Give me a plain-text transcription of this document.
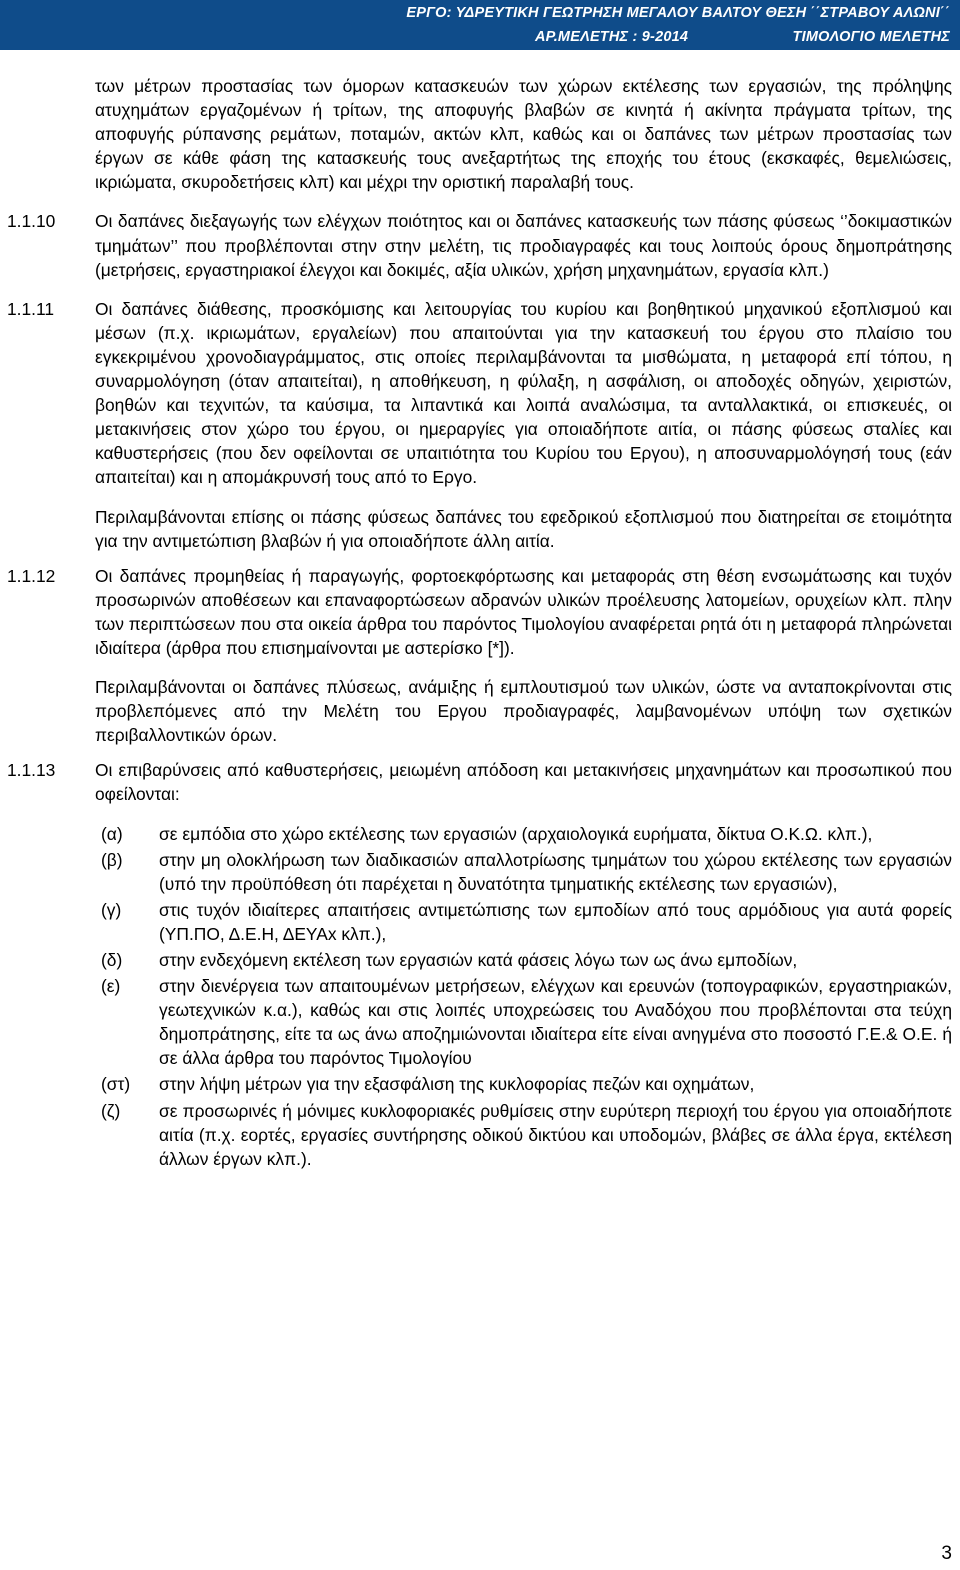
ΕΡΓΟ: ΥΔΡΕΥΤΙΚΗ ΓΕΩΤΡΗΣΗ ΜΕΓΑΛΟΥ ΒΑΛΤΟΥ ΘΕΣΗ ΄΄ΣΤΡΑΒΟΥ ΑΛΩΝΙ΄΄
ΑΡ.ΜΕΛΕΤΗΣ : 9-2014	ΤΙΜΟΛΟΓΙΟ ΜΕΛΕΤΗΣ

των μέτρων προστασίας των όμορων κατασκευών των χώρων εκτέλεσης των εργασιών, της πρόληψης ατυχημάτων εργαζομένων ή τρίτων, της αποφυγής βλαβών σε κινητά ή ακίνητα πράγματα τρίτων, της αποφυγής ρύπανσης ρεμάτων, ποταμών, ακτών κλπ, καθώς και οι δαπάνες των μέτρων προστασίας των έργων σε κάθε φάση της κατασκευής τους ανεξαρτήτως της εποχής του έτους (εκσκαφές, θεμελιώσεις, ικριώματα, σκυροδετήσεις κλπ) και μέχρι την οριστική παραλαβή τους.

1.1.10 Οι δαπάνες διεξαγωγής των ελέγχων ποιότητος και οι δαπάνες κατασκευής των πάσης φύσεως ‘’δοκιμαστικών τμημάτων’’ που προβλέπονται στην στην μελέτη, τις προδιαγραφές και τους λοιπούς όρους δημοπράτησης (μετρήσεις, εργαστηριακοί έλεγχοι και δοκιμές, αξία υλικών, χρήση μηχανημάτων, εργασία κλπ.)
1.1.11 Οι δαπάνες διάθεσης, προσκόμισης και λειτουργίας του κυρίου και βοηθητικού μηχανικού εξοπλισμού και μέσων (π.χ. ικριωμάτων, εργαλείων) που απαιτούνται για την κατασκευή του έργου στο πλαίσιο του εγκεκριμένου χρονοδιαγράμματος, στις οποίες περιλαμβάνονται τα μισθώματα, η μεταφορά επί τόπου, η συναρμολόγηση (όταν απαιτείται), η αποθήκευση, η φύλαξη, η ασφάλιση, οι αποδοχές οδηγών, χειριστών, βοηθών και τεχνιτών, τα καύσιμα, τα λιπαντικά και λοιπά αναλώσιμα, τα ανταλλακτικά, οι επισκευές, οι μετακινήσεις στον χώρο του έργου, οι ημεραργίες για οποιαδήποτε αιτία, οι πάσης φύσεως σταλίες και καθυστερήσεις (που δεν οφείλονται σε υπαιτιότητα του Κυρίου του Εργου), η αποσυναρμολόγησή τους (εάν απαιτείται) και η απομάκρυνσή τους από το Εργο.

Περιλαμβάνονται επίσης οι πάσης φύσεως δαπάνες του εφεδρικού εξοπλισμού που διατηρείται σε ετοιμότητα για την αντιμετώπιση βλαβών ή για οποιαδήποτε άλλη αιτία.

1.1.12 Οι δαπάνες προμηθείας ή παραγωγής, φορτοεκφόρτωσης και μεταφοράς στη θέση ενσωμάτωσης και τυχόν προσωρινών αποθέσεων και επαναφορτώσεων αδρανών υλικών προέλευσης λατομείων, ορυχείων κλπ. πλην των περιπτώσεων που στα οικεία άρθρα του παρόντος Τιμολογίου αναφέρεται ρητά ότι η μεταφορά πληρώνεται ιδιαίτερα (άρθρα που επισημαίνονται με αστερίσκο [*]).

Περιλαμβάνονται οι δαπάνες πλύσεως, ανάμιξης ή εμπλουτισμού των υλικών, ώστε να ανταποκρίνονται στις προβλεπόμενες από την Μελέτη του Εργου προδιαγραφές, λαμβανομένων υπόψη των σχετικών περιβαλλοντικών όρων.

1.1.13 Οι επιβαρύνσεις από καθυστερήσεις, μειωμένη απόδοση και μετακινήσεις μηχανημάτων και προσωπικού που οφείλονται:
(α) σε εμπόδια στο χώρο εκτέλεσης των εργασιών (αρχαιολογικά ευρήματα, δίκτυα Ο.Κ.Ω. κλπ.),
(β) στην μη ολοκλήρωση των διαδικασιών απαλλοτρίωσης τμημάτων του χώρου εκτέλεσης των εργασιών (υπό την προϋπόθεση ότι παρέχεται η δυνατότητα τμηματικής εκτέλεσης των εργασιών),
(γ) στις τυχόν ιδιαίτερες απαιτήσεις αντιμετώπισης των εμποδίων από τους αρμόδιους για αυτά φορείς (ΥΠ.ΠΟ, Δ.Ε.Η, ΔΕΥΑx κλπ.),
(δ) στην ενδεχόμενη εκτέλεση των εργασιών κατά φάσεις λόγω των ως άνω εμποδίων,
(ε) στην διενέργεια των απαιτουμένων μετρήσεων, ελέγχων και ερευνών (τοπογραφικών, εργαστηριακών, γεωτεχνικών κ.α.), καθώς και στις λοιπές υποχρεώσεις του Αναδόχου που προβλέπονται στα τεύχη δημοπράτησης, είτε τα ως άνω αποζημιώνονται ιδιαίτερα είτε είναι ανηγμένα στο ποσοστό Γ.Ε.& Ο.Ε. ή σε άλλα άρθρα του παρόντος Τιμολογίου
(στ) στην λήψη μέτρων για την εξασφάλιση της κυκλοφορίας πεζών και οχημάτων,
(ζ) σε προσωρινές ή μόνιμες κυκλοφοριακές ρυθμίσεις στην ευρύτερη περιοχή του έργου για οποιαδήποτε αιτία (π.χ. εορτές, εργασίες συντήρησης οδικού δικτύου και υποδομών, βλάβες σε άλλα έργα, εκτέλεση άλλων έργων κλπ.).
3
